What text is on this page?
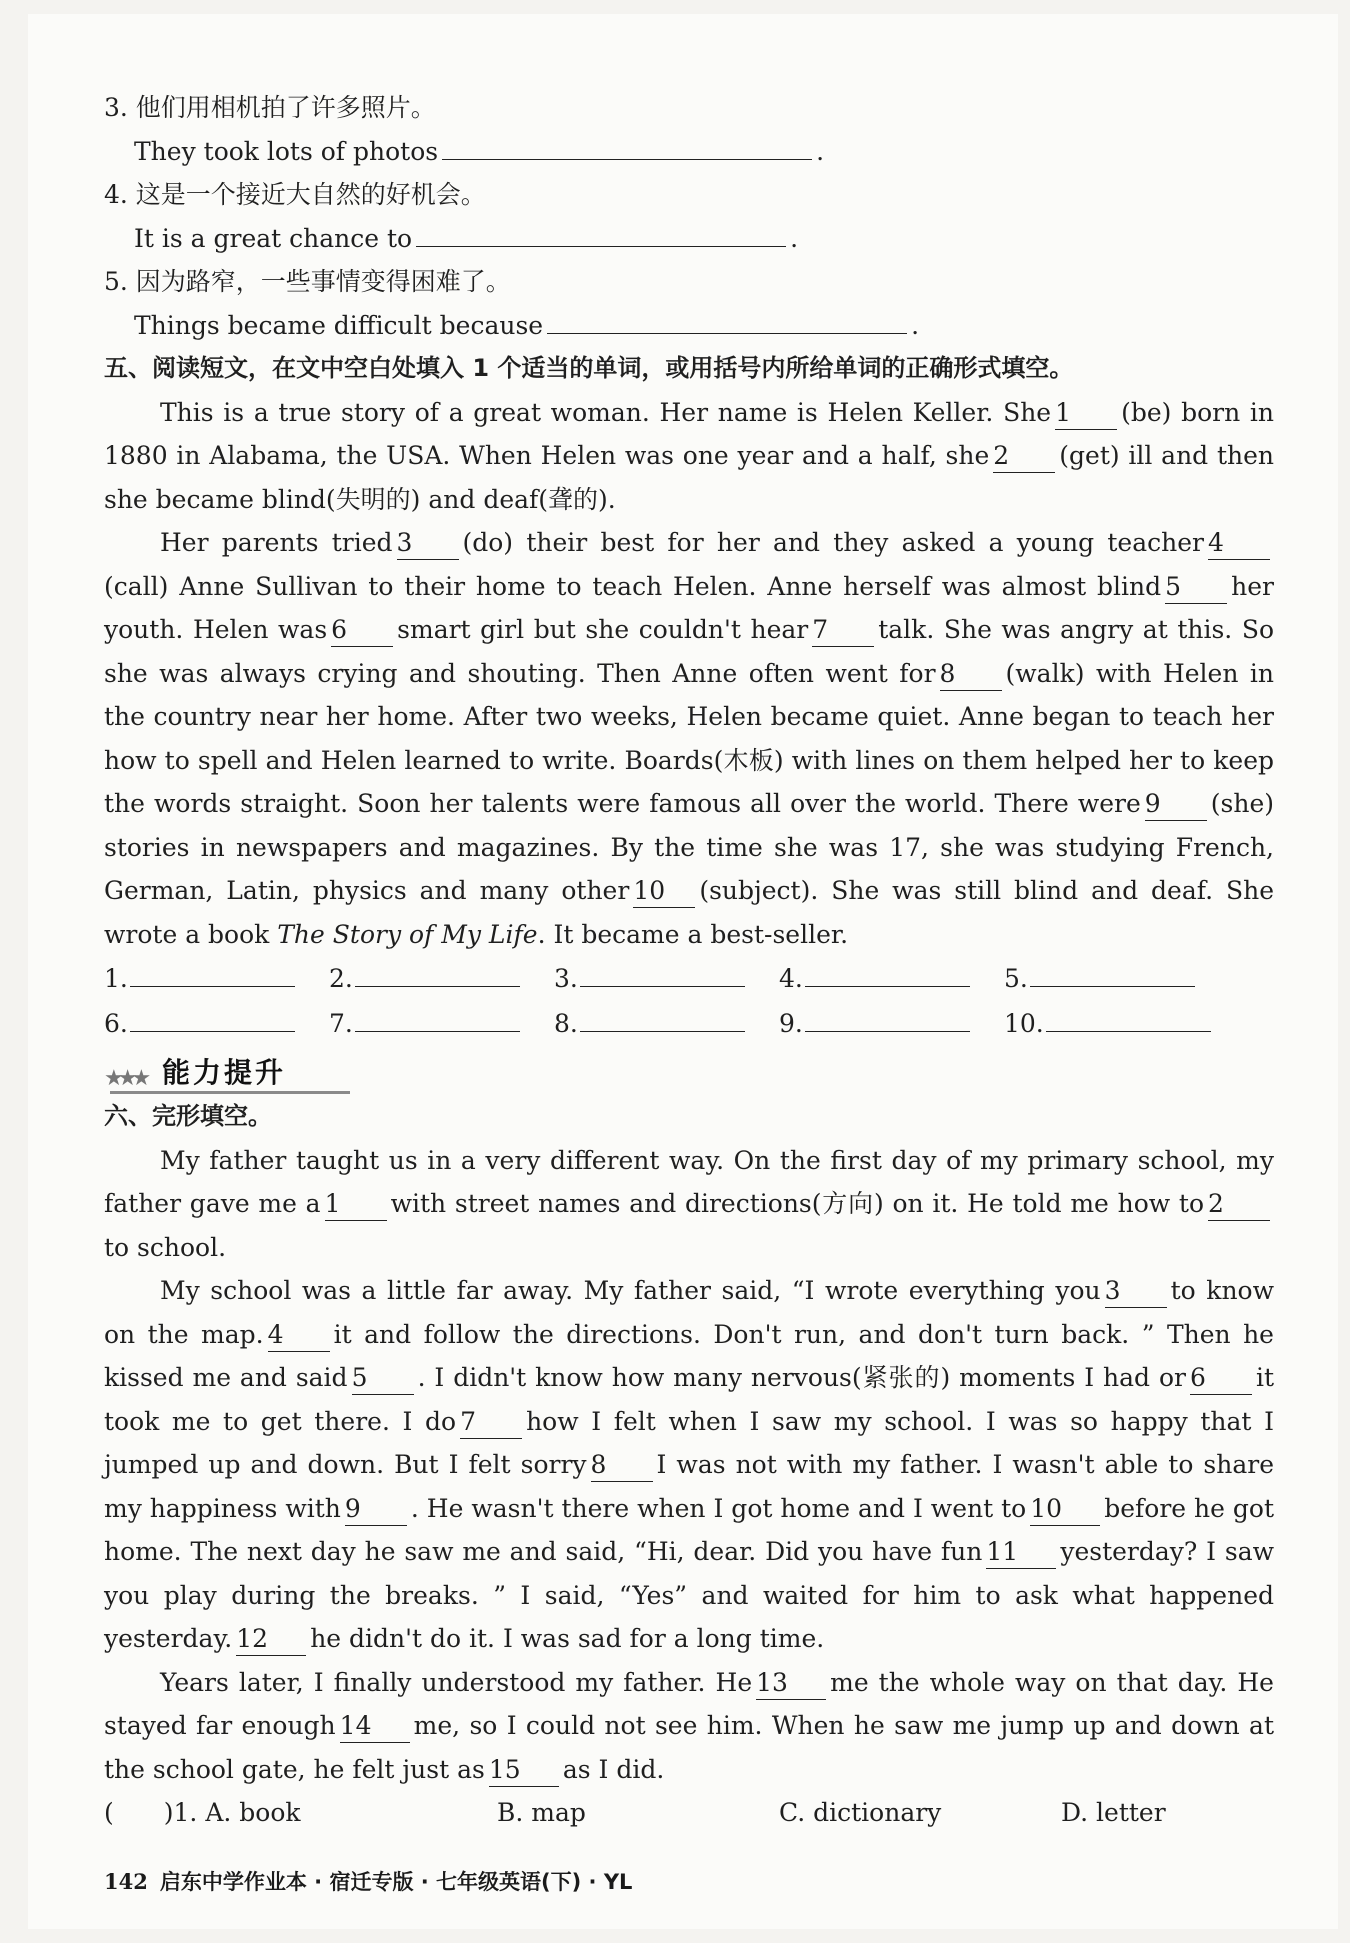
3. 他们用相机拍了许多照片。
They took lots of photos	.
4. 这是一个接近大自然的好机会。
It is a great chance to	.
5. 因为路窄，一些事情变得困难了。
Things became difficult because	.
五、阅读短文，在文中空白处填入 1 个适当的单词，或用括号内所给单词的正确形式填空。
This is a true story of a great woman. Her name is Helen Keller. She 1 (be) born in 1880 in Alabama, the USA. When Helen was one year and a half, she 2 (get) ill and then she became blind(失明的) and deaf(聋的).
Her parents tried 3 (do) their best for her and they asked a young teacher 4(call) Anne Sullivan to their home to teach Helen. Anne herself was almost blind 5 her youth. Helen was 6 smart girl but she couldn't hear 7 talk. She was angry at this. So she was always crying and shouting. Then Anne often went for 8 (walk) with Helen in the country near her home. After two weeks, Helen became quiet. Anne began to teach her how to spell and Helen learned to write. Boards(木板) with lines on them helped her to keep the words straight. Soon her talents were famous all over the world. There were 9 (she) stories in newspapers and magazines. By the time she was 17, she was studying French, German, Latin, physics and many other 10 (subject). She was still blind and deaf. She wrote a book The Story of My Life. It became a best-seller.
1.	2.	3.	4.	5.
6.	7.	8.	9.	10.
★★★ 能力提升
六、完形填空。
My father taught us in a very different way. On the first day of my primary school, my father gave me a 1 with street names and directions(方向) on it. He told me how to 2to school.
My school was a little far away. My father said, “I wrote everything you 3 to know on the map. 4 it and follow the directions. Don't run, and don't turn back. ” Then he kissed me and said 5 . I didn't know how many nervous(紧张的) moments I had or 6 it took me to get there. I do 7 how I felt when I saw my school. I was so happy that I jumped up and down. But I felt sorry 8 I was not with my father. I wasn't able to share my happiness with 9 . He wasn't there when I got home and I went to 10 before he got home. The next day he saw me and said, “Hi, dear. Did you have fun 11 yesterday? I saw you play during the breaks. ” I said, “Yes” and waited for him to ask what happened yesterday. 12 he didn't do it. I was sad for a long time.
Years later, I finally understood my father. He 13 me the whole way on that day. He stayed far enough 14 me, so I could not see him. When he saw me jump up and down at the school gate, he felt just as 15 as I did.
(　　)1. A. book	B. map	C. dictionary	D. letter
142 启东中学作业本 · 宿迁专版 · 七年级英语(下) · YL
